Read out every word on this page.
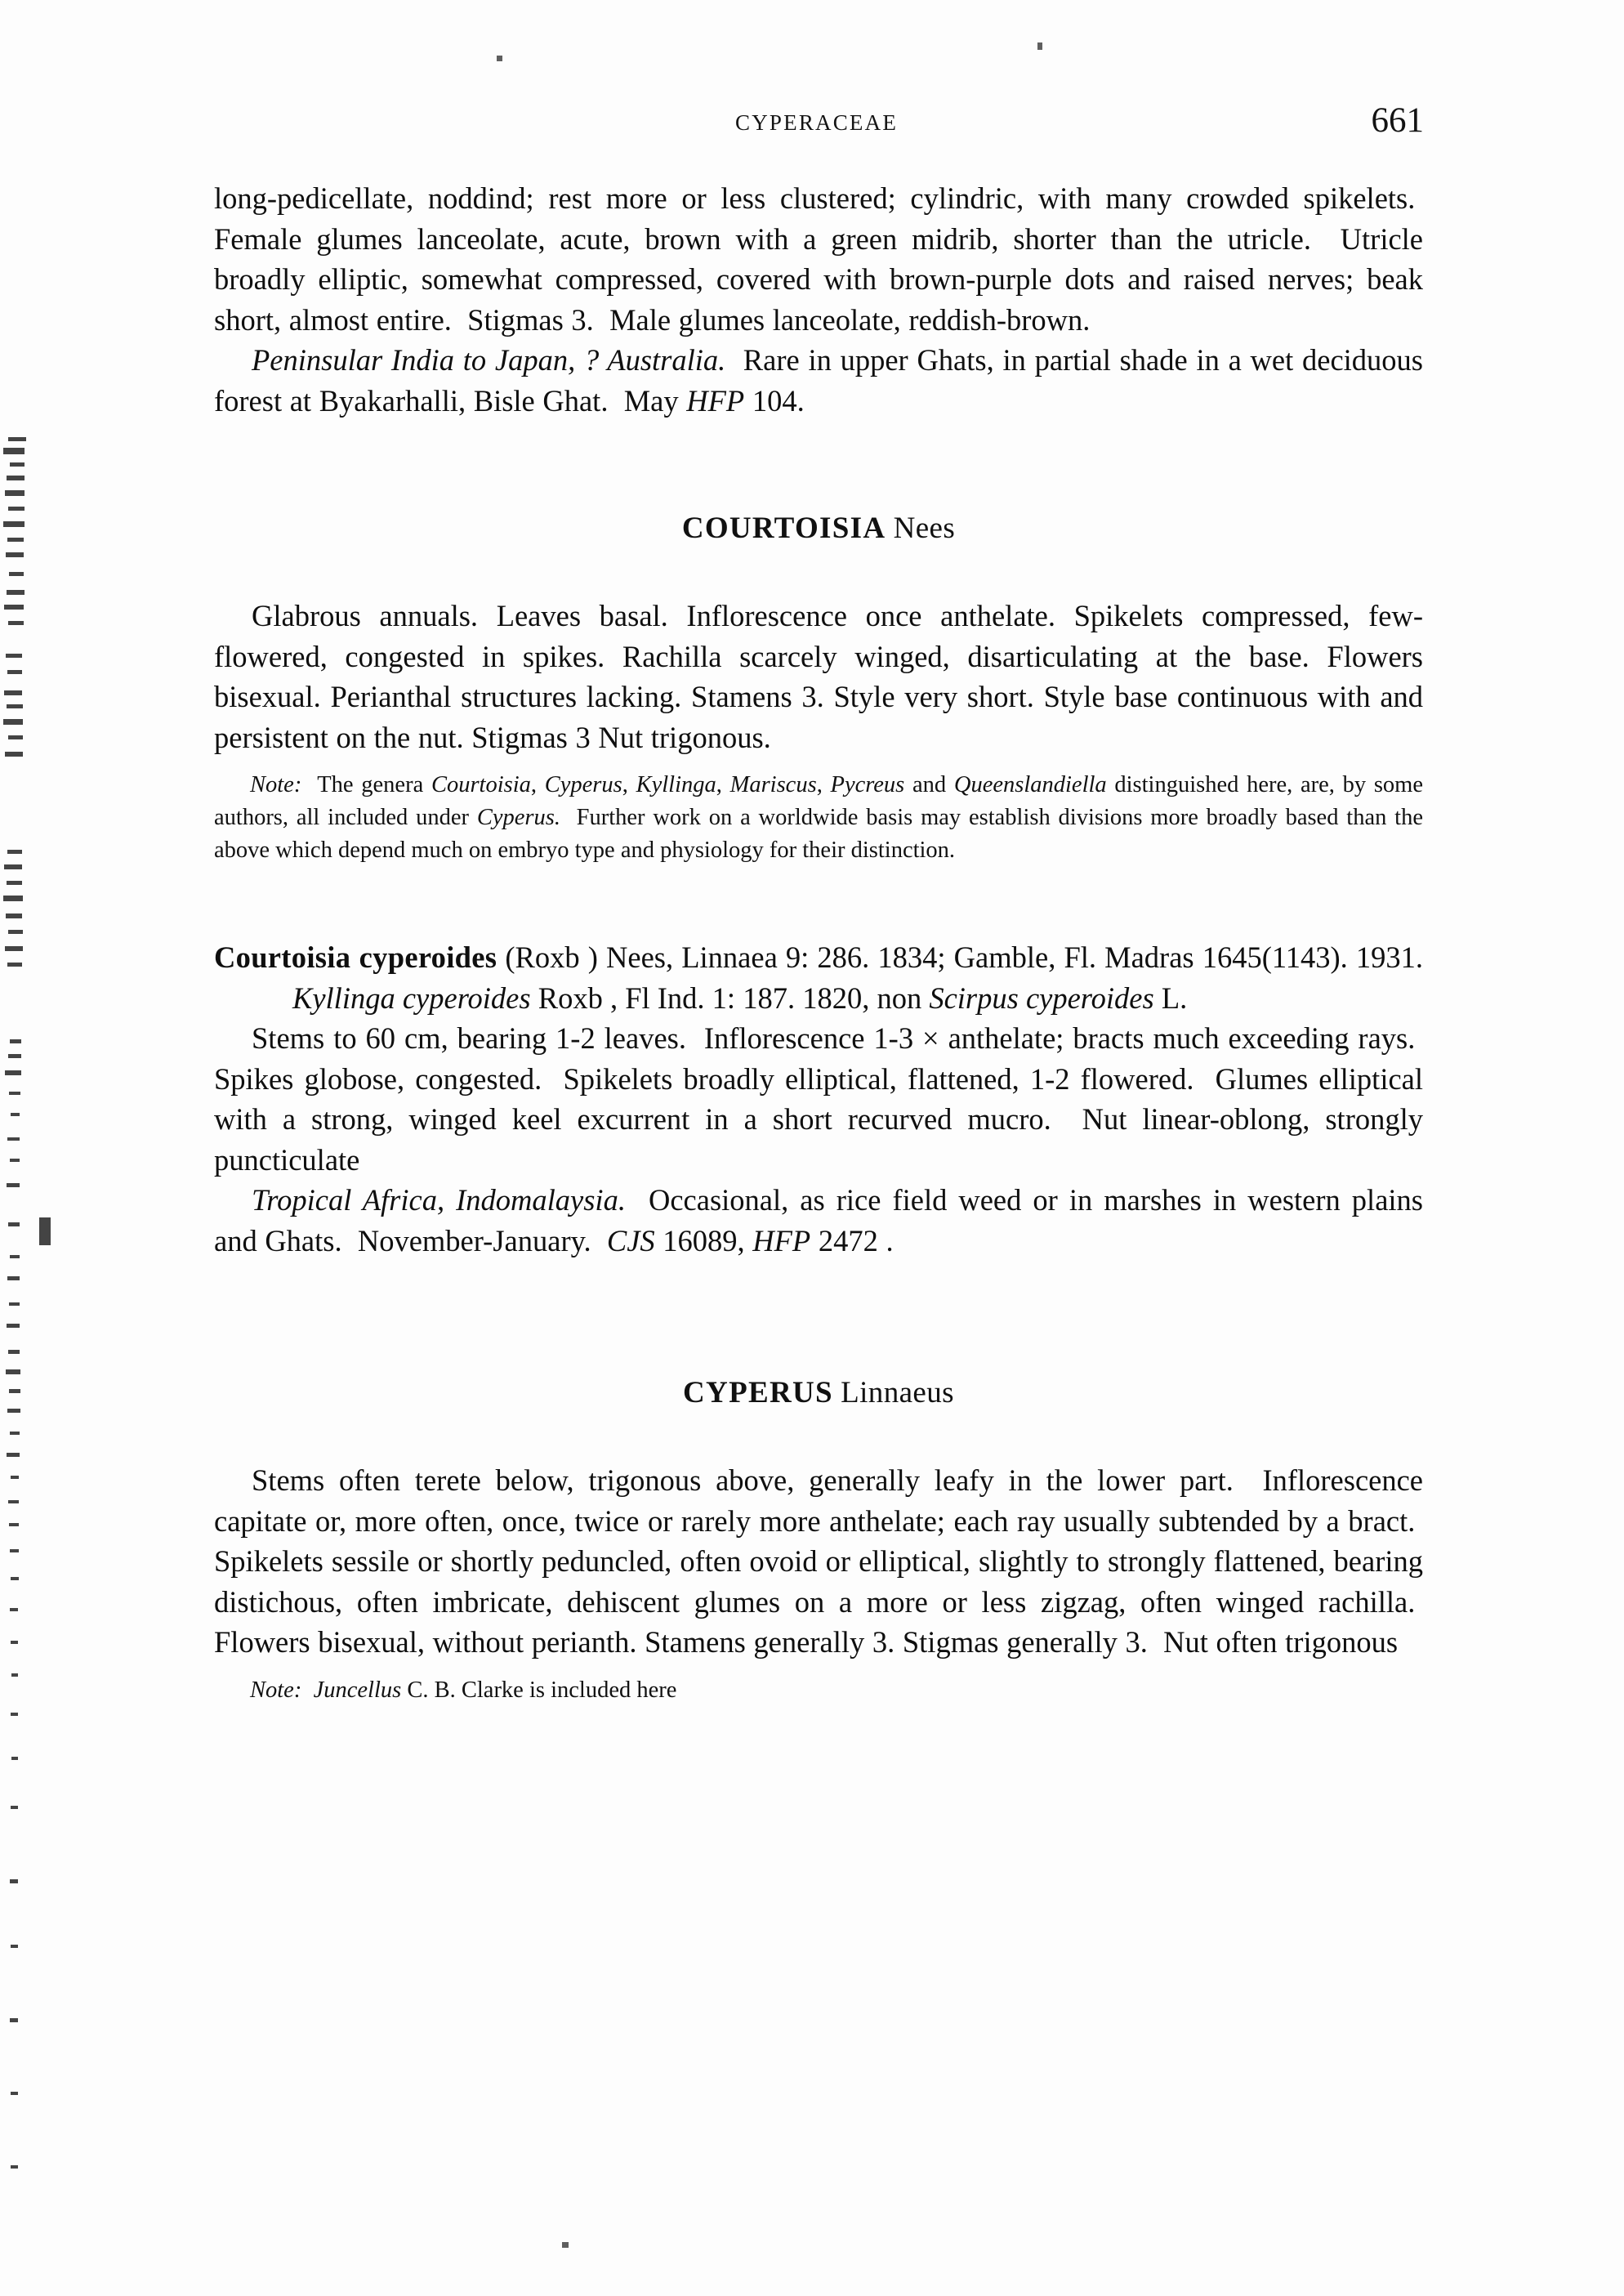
CYPERACEAE	661

long-pedicellate, noddind; rest more or less clustered; cylindric, with many crowded spikelets.  Female glumes lanceolate, acute, brown with a green midrib, shorter than the utricle. Utricle broadly elliptic, somewhat compressed, covered with brown-purple dots and raised nerves; beak short, almost entire. Stigmas 3. Male glumes lanceolate, reddish-brown.

Peninsular India to Japan, ? Australia. Rare in upper Ghats, in partial shade in a wet deciduous forest at Byakarhalli, Bisle Ghat. May HFP 104.

COURTOISIA Nees

Glabrous annuals. Leaves basal. Inflorescence once anthelate. Spikelets compressed, few-flowered, congested in spikes. Rachilla scarcely winged, disarticulating at the base. Flowers bisexual. Perianthal structures lacking. Stamens 3. Style very short. Style base continuous with and persistent on the nut. Stigmas 3 Nut trigonous.

Note: The genera Courtoisia, Cyperus, Kyllinga, Mariscus, Pycreus and Queenslandiella distinguished here, are, by some authors, all included under Cyperus. Further work on a worldwide basis may establish divisions more broadly based than the above which depend much on embryo type and physiology for their distinction.

Courtoisia cyperoides (Roxb ) Nees, Linnaea 9: 286. 1834; Gamble, Fl. Madras 1645(1143). 1931. Kyllinga cyperoides Roxb , Fl Ind. 1: 187. 1820, non Scirpus cyperoides L.

Stems to 60 cm, bearing 1-2 leaves. Inflorescence 1-3 × anthelate; bracts much exceeding rays.  Spikes globose, congested. Spikelets broadly elliptical, flattened, 1-2 flowered. Glumes elliptical with a strong, winged keel excurrent in a short recurved mucro. Nut linear-oblong, strongly puncticulate

Tropical Africa, Indomalaysia. Occasional, as rice field weed or in marshes in western plains and Ghats. November-January. CJS 16089, HFP 2472 .

CYPERUS Linnaeus

Stems often terete below, trigonous above, generally leafy in the lower part. Inflorescence capitate or, more often, once, twice or rarely more anthelate; each ray usually subtended by a bract.  Spikelets sessile or shortly peduncled, often ovoid or elliptical, slightly to strongly flattened, bearing distichous, often imbricate, dehiscent glumes on a more or less zigzag, often winged rachilla.  Flowers bisexual, without perianth. Stamens generally 3. Stigmas generally 3. Nut often trigonous

Note: Juncellus C. B. Clarke is included here
